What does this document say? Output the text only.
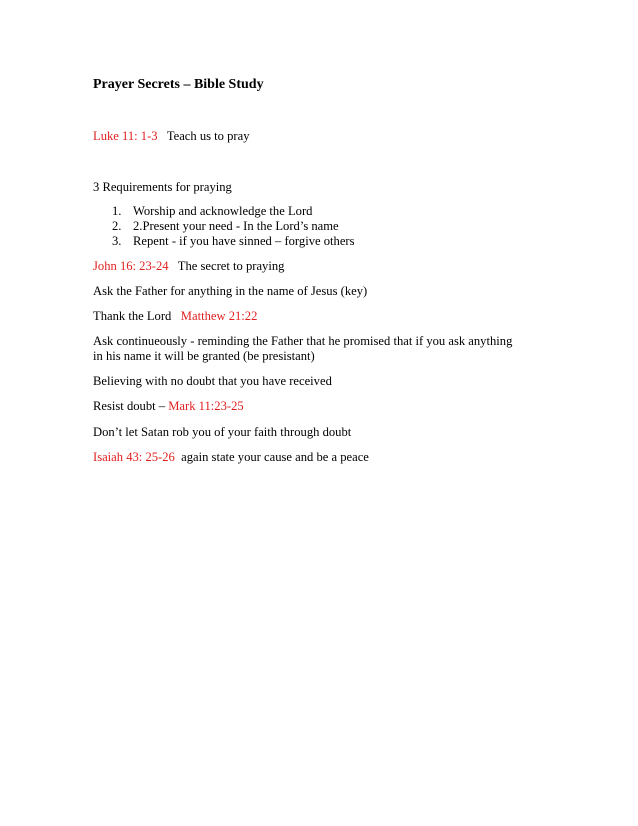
Prayer Secrets – Bible Study
Luke 11: 1-3 Teach us to pray
3 Requirements for praying
1. Worship and acknowledge the Lord
2. 2.Present your need - In the Lord’s name
3. Repent - if you have sinned – forgive others
John 16: 23-24 The secret to praying
Ask the Father for anything in the name of Jesus (key)
Thank the Lord Matthew 21:22
Ask continueously - reminding the Father that he promised that if you ask anything
in his name it will be granted (be presistant)
Believing with no doubt that you have received
Resist doubt – Mark 11:23-25
Don’t let Satan rob you of your faith through doubt
Isaiah 43: 25-26 again state your cause and be a peace
